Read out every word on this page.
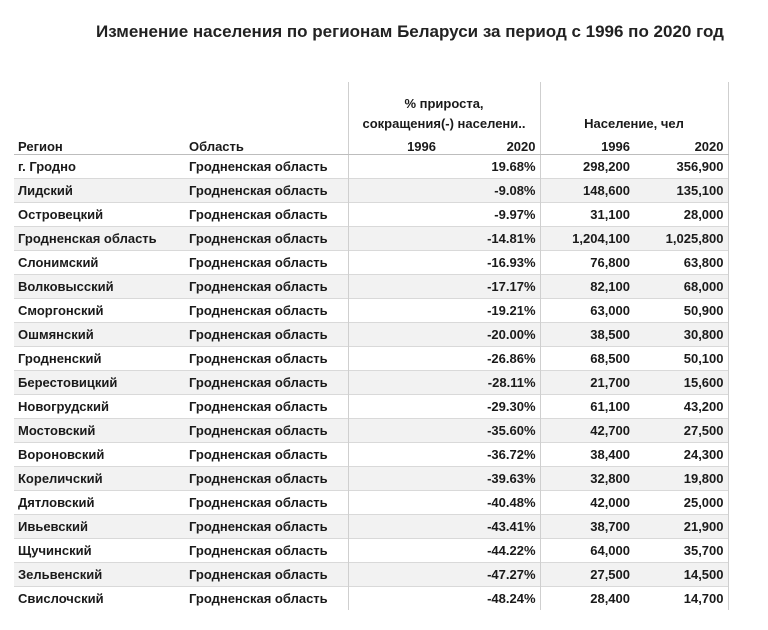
Изменение населения по регионам Беларуси за период с 1996 по 2020 год

		% прироста, сокращения(-) населени..		Население, чел	
Регион	Область	1996	2020	1996	2020
г. Гродно	Гродненская область		19.68%	298,200	356,900
Лидский	Гродненская область		-9.08%	148,600	135,100
Островецкий	Гродненская область		-9.97%	31,100	28,000
Гродненская область	Гродненская область		-14.81%	1,204,100	1,025,800
Слонимский	Гродненская область		-16.93%	76,800	63,800
Волковысский	Гродненская область		-17.17%	82,100	68,000
Сморгонский	Гродненская область		-19.21%	63,000	50,900
Ошмянский	Гродненская область		-20.00%	38,500	30,800
Гродненский	Гродненская область		-26.86%	68,500	50,100
Берестовицкий	Гродненская область		-28.11%	21,700	15,600
Новогрудский	Гродненская область		-29.30%	61,100	43,200
Мостовский	Гродненская область		-35.60%	42,700	27,500
Вороновский	Гродненская область		-36.72%	38,400	24,300
Кореличский	Гродненская область		-39.63%	32,800	19,800
Дятловский	Гродненская область		-40.48%	42,000	25,000
Ивьевский	Гродненская область		-43.41%	38,700	21,900
Щучинский	Гродненская область		-44.22%	64,000	35,700
Зельвенский	Гродненская область		-47.27%	27,500	14,500
Свислочский	Гродненская область		-48.24%	28,400	14,700
